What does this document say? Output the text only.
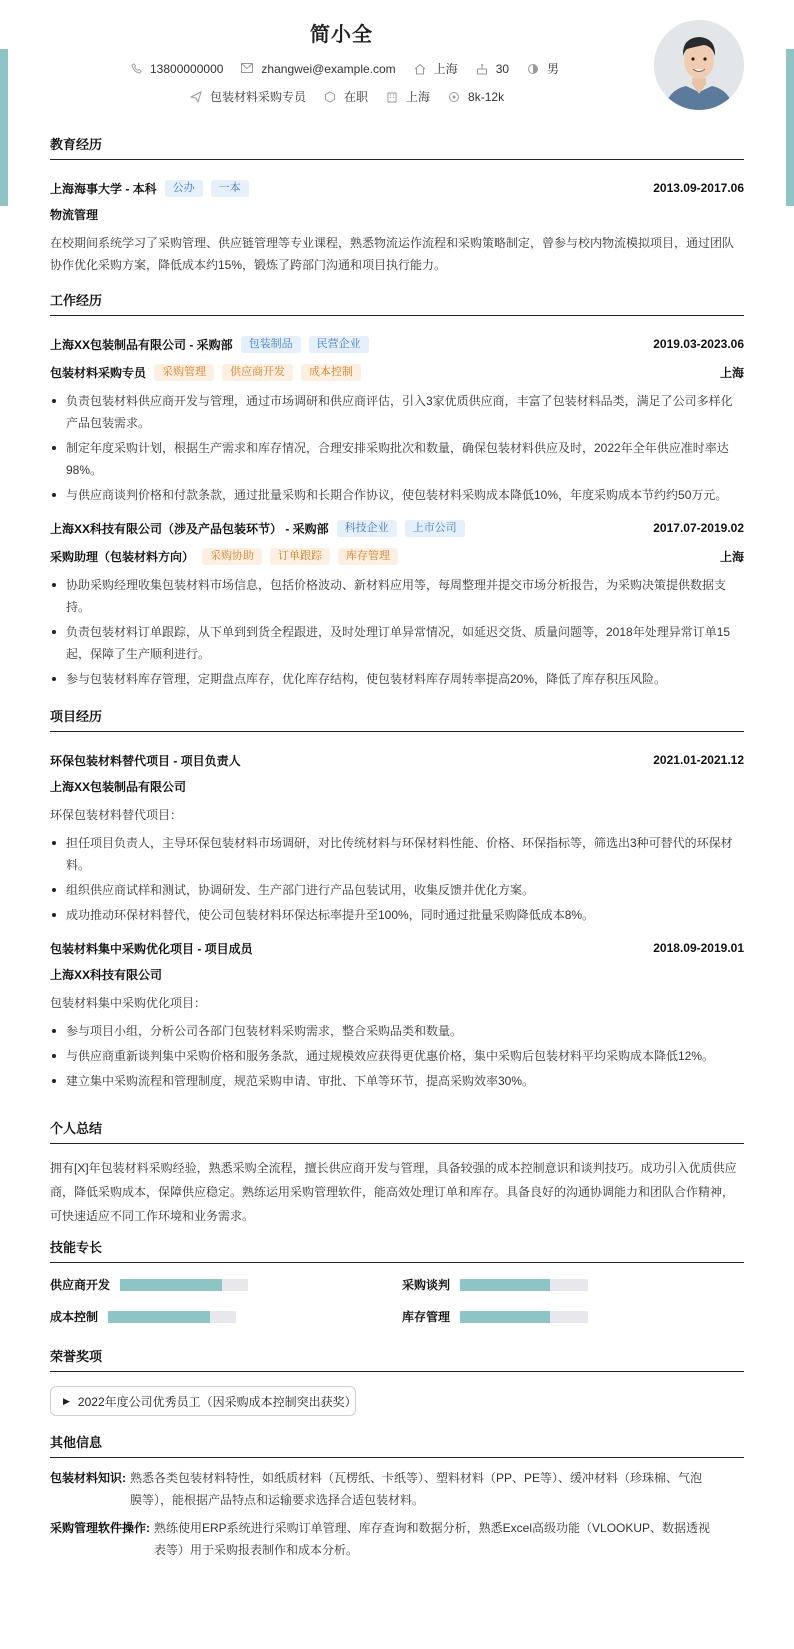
简小全
13800000000	zhangwei@example.com	上海	30	男
包装材料采购专员	在职	上海	8k-12k
教育经历
上海海事大学 - 本科	公办	一本	2013.09-2017.06
物流管理
在校期间系统学习了采购管理、供应链管理等专业课程，熟悉物流运作流程和采购策略制定，曾参与校内物流模拟项目，通过团队协作优化采购方案，降低成本约15%，锻炼了跨部门沟通和项目执行能力。
工作经历
上海XX包装制品有限公司 - 采购部	包装制品	民营企业	2019.03-2023.06
包装材料采购专员	采购管理	供应商开发	成本控制	上海
负责包装材料供应商开发与管理，通过市场调研和供应商评估，引入3家优质供应商，丰富了包装材料品类，满足了公司多样化产品包装需求。
制定年度采购计划，根据生产需求和库存情况，合理安排采购批次和数量，确保包装材料供应及时，2022年全年供应准时率达98%。
与供应商谈判价格和付款条款，通过批量采购和长期合作协议，使包装材料采购成本降低10%，年度采购成本节约约50万元。
上海XX科技有限公司（涉及产品包装环节） - 采购部	科技企业	上市公司	2017.07-2019.02
采购助理（包装材料方向）	采购协助	订单跟踪	库存管理	上海
协助采购经理收集包装材料市场信息，包括价格波动、新材料应用等，每周整理并提交市场分析报告，为采购决策提供数据支持。
负责包装材料订单跟踪，从下单到到货全程跟进，及时处理订单异常情况，如延迟交货、质量问题等，2018年处理异常订单15起，保障了生产顺利进行。
参与包装材料库存管理，定期盘点库存，优化库存结构，使包装材料库存周转率提高20%，降低了库存积压风险。
项目经历
环保包装材料替代项目 - 项目负责人	2021.01-2021.12
上海XX包装制品有限公司
环保包装材料替代项目：
担任项目负责人，主导环保包装材料市场调研，对比传统材料与环保材料性能、价格、环保指标等，筛选出3种可替代的环保材料。
组织供应商试样和测试，协调研发、生产部门进行产品包装试用，收集反馈并优化方案。
成功推动环保材料替代，使公司包装材料环保达标率提升至100%，同时通过批量采购降低成本8%。
包装材料集中采购优化项目 - 项目成员	2018.09-2019.01
上海XX科技有限公司
包装材料集中采购优化项目：
参与项目小组，分析公司各部门包装材料采购需求，整合采购品类和数量。
与供应商重新谈判集中采购价格和服务条款，通过规模效应获得更优惠价格，集中采购后包装材料平均采购成本降低12%。
建立集中采购流程和管理制度，规范采购申请、审批、下单等环节，提高采购效率30%。
个人总结
拥有[X]年包装材料采购经验，熟悉采购全流程，擅长供应商开发与管理，具备较强的成本控制意识和谈判技巧。成功引入优质供应商，降低采购成本，保障供应稳定。熟练运用采购管理软件，能高效处理订单和库存。具备良好的沟通协调能力和团队合作精神，可快速适应不同工作环境和业务需求。
技能专长
供应商开发	采购谈判
成本控制	库存管理
荣誉奖项
▶ 2022年度公司优秀员工（因采购成本控制突出获奖）
其他信息
包装材料知识: 熟悉各类包装材料特性，如纸质材料（瓦楞纸、卡纸等）、塑料材料（PP、PE等）、缓冲材料（珍珠棉、气泡膜等），能根据产品特点和运输要求选择合适包装材料。
采购管理软件操作: 熟练使用ERP系统进行采购订单管理、库存查询和数据分析，熟悉Excel高级功能（VLOOKUP、数据透视表等）用于采购报表制作和成本分析。
